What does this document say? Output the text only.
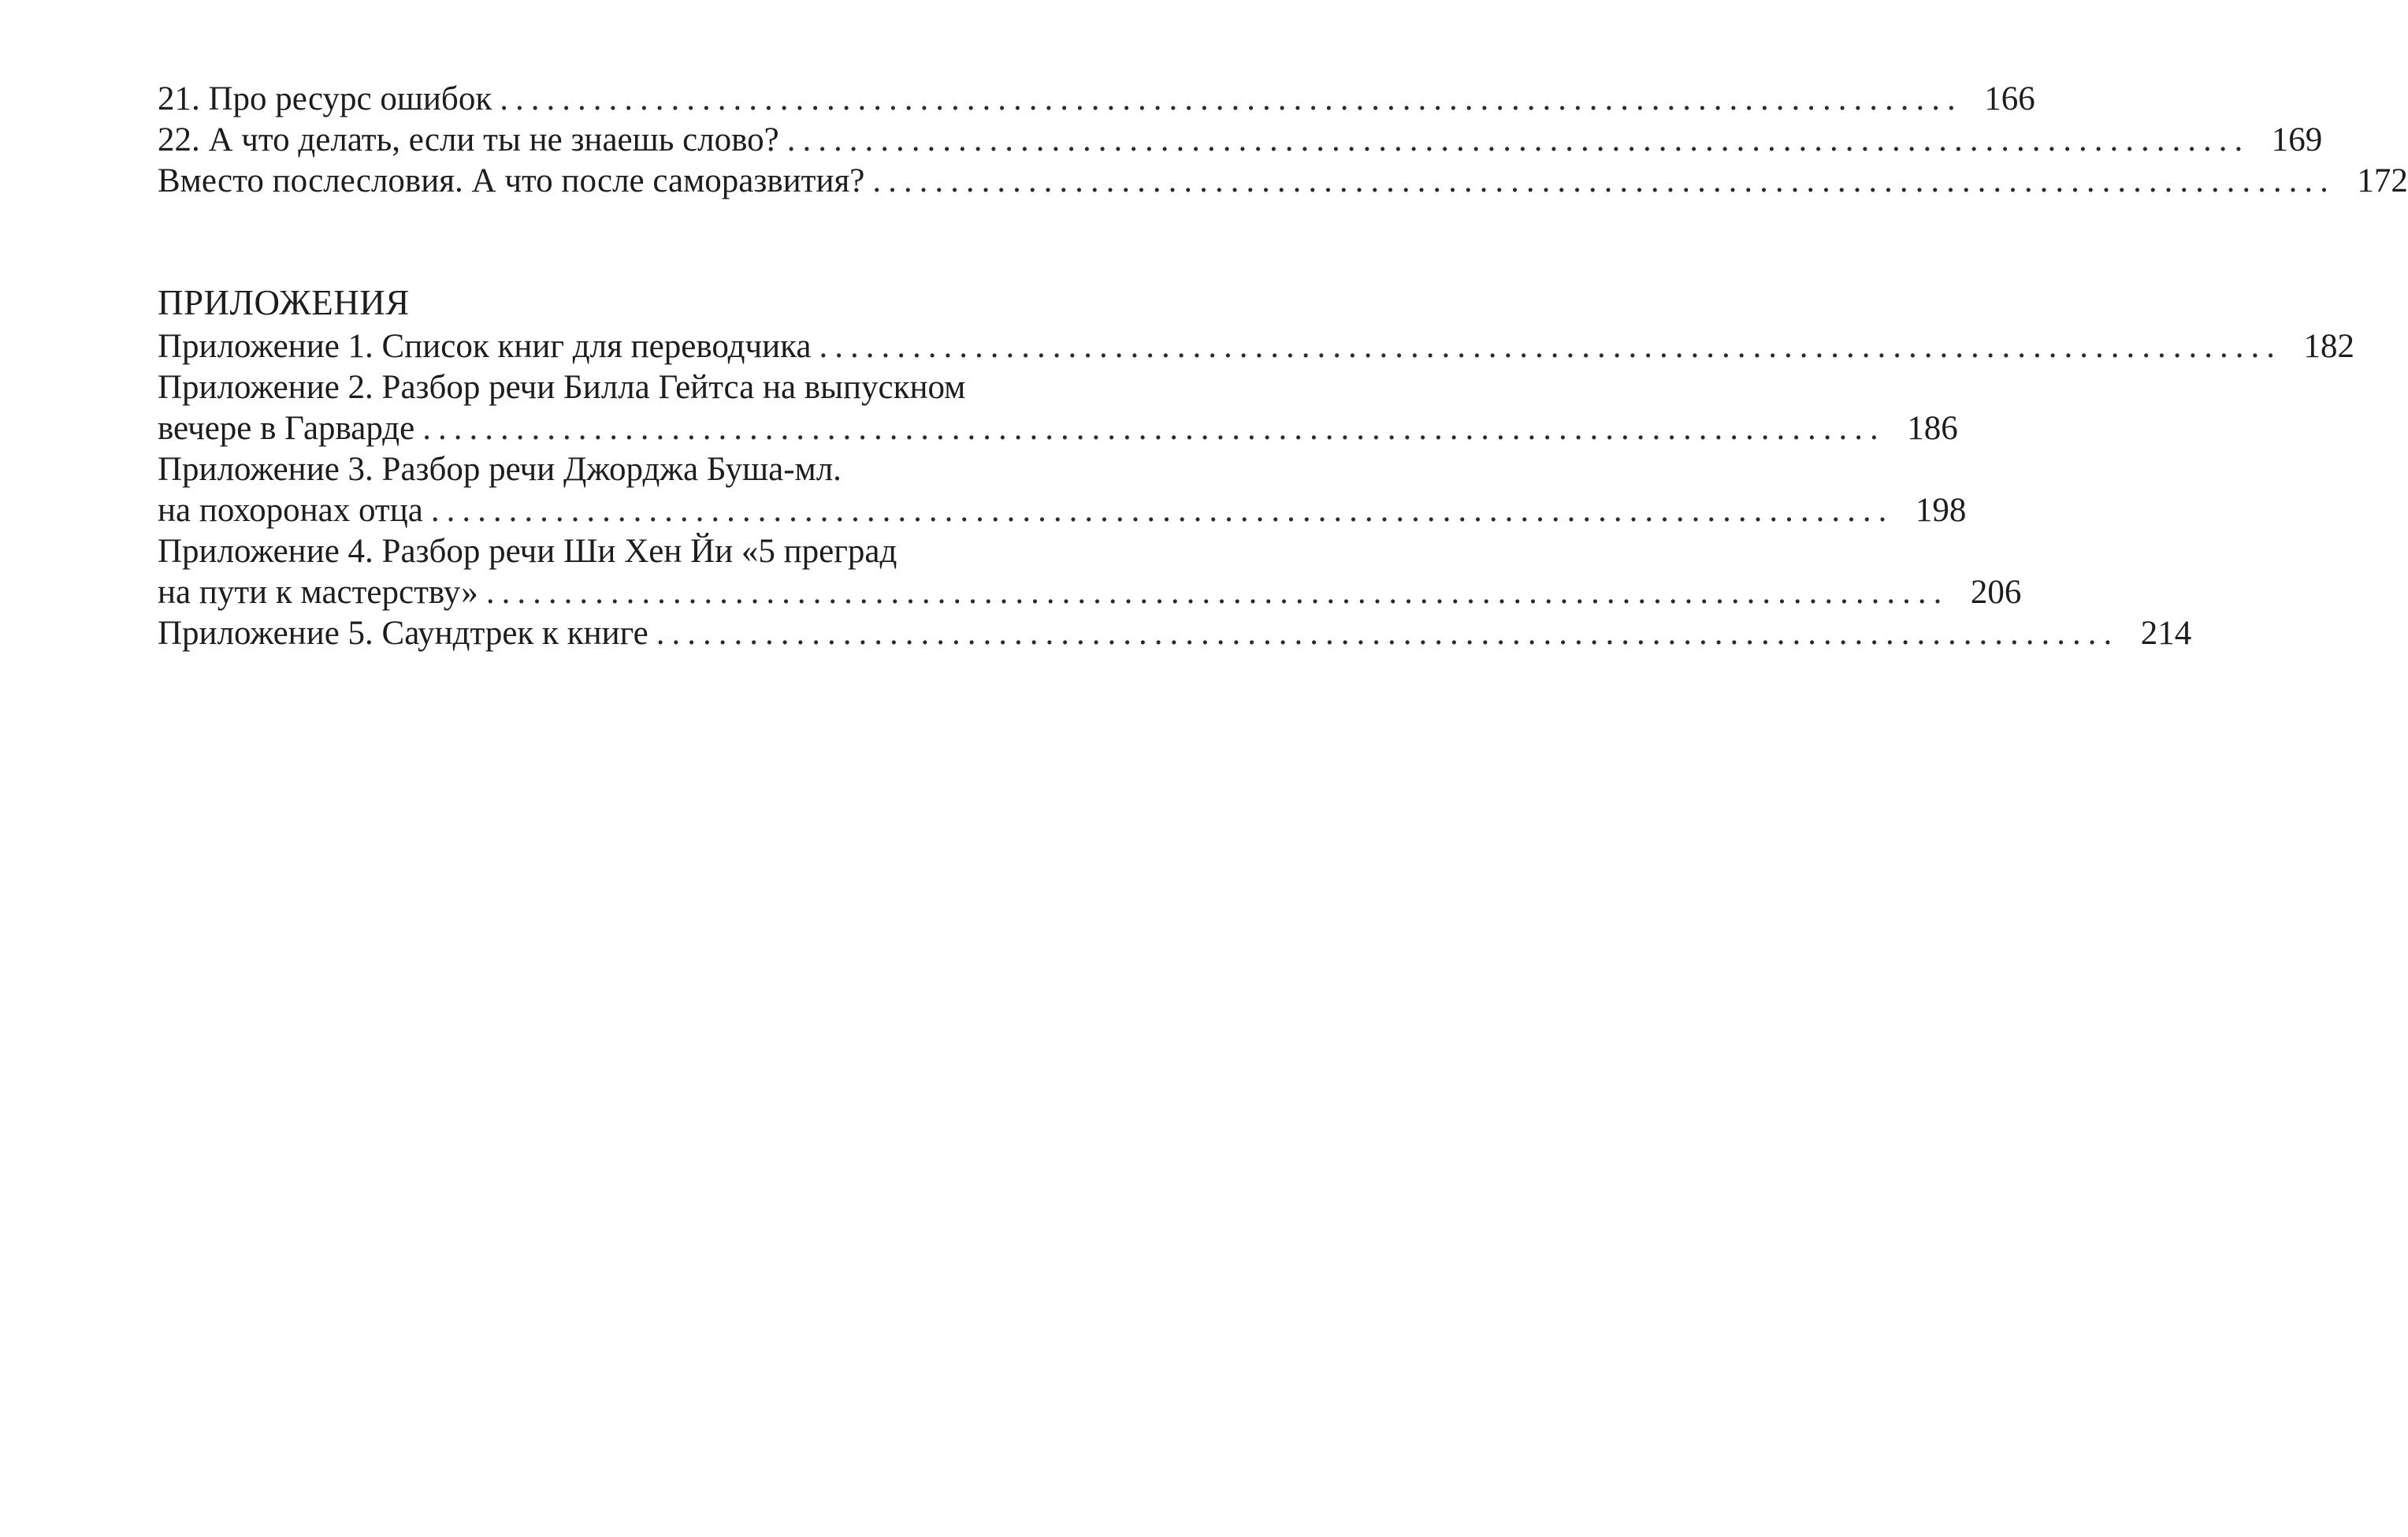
21. Про ресурс ошибок .............................................................................................. 166
22. А что делать, если ты не знаешь слово? .............................................................................................. 169
Вместо послесловия. А что после саморазвития? .............................................................................................. 172
ПРИЛОЖЕНИЯ
Приложение 1. Список книг для переводчика .............................................................................................. 182
Приложение 2. Разбор речи Билла Гейтса на выпускном
вечере в Гарварде .............................................................................................. 186
Приложение 3. Разбор речи Джорджа Буша-мл.
на похоронах отца .............................................................................................. 198
Приложение 4. Разбор речи Ши Хен Йи «5 преград
на пути к мастерству» .............................................................................................. 206
Приложение 5. Саундтрек к книге .............................................................................................. 214
